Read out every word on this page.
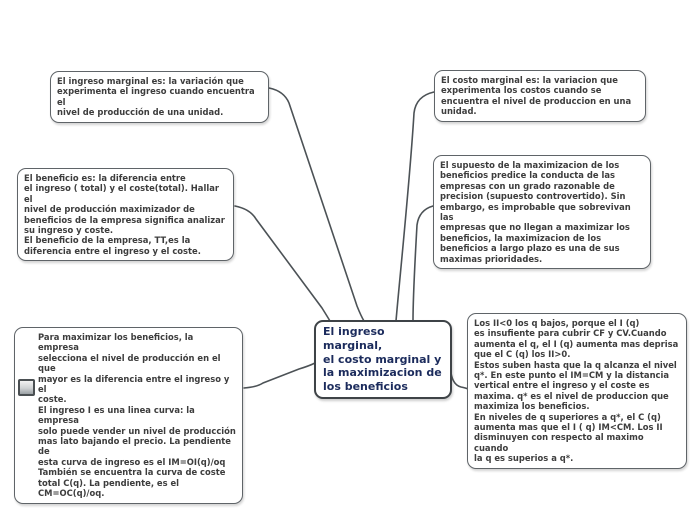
El ingreso marginal es: la variación que
experimenta el ingreso cuando encuentra el
nivel de producción de una unidad.
El costo marginal es: la variacion que
experimenta los costos cuando se
encuentra el nivel de produccion en una
unidad.
El beneficio es: la diferencia entre
el ingreso ( total) y el coste(total). Hallar el
nivel de producción maximizador de
beneficios de la empresa significa analizar
su ingreso y coste.
El beneficio de la empresa, TT,es la
diferencia entre el ingreso y el coste.
El supuesto de la maximizacion de los
beneficios predice la conducta de las
empresas con un grado razonable de
precision (supuesto controvertido). Sin
embargo, es improbable que sobrevivan las
empresas que no llegan a maximizar los
beneficios, la maximizacion de los
beneficios a largo plazo es una de sus
maximas prioridades.
Para maximizar los beneficios, la empresa
selecciona el nivel de producción en el que
mayor es la diferencia entre el ingreso y el
coste.
El ingreso I es una linea curva: la empresa
solo puede vender un nivel de producción
mas lato bajando el precio. La pendiente de
esta curva de ingreso es el IM=OI(q)/oq
También se encuentra la curva de coste
total C(q). La pendiente, es el
CM=OC(q)/oq.
El ingreso marginal,
el costo marginal y
la maximizacion de
los beneficios
Los II<0 los q bajos, porque el I (q)
es insufiente para cubrir CF y CV.Cuando
aumenta el q, el I (q) aumenta mas deprisa
que el C (q) los II>0.
Estos suben hasta que la q alcanza el nivel
q*. En este punto el IM=CM y la distancia
vertical entre el ingreso y el coste es
maxima. q* es el nivel de produccion que
maximiza los beneficios.
En niveles de q superiores a q*, el C (q)
aumenta mas que el I ( q) IM<CM. Los II
disminuyen con respecto al maximo cuando
la q es superios a q*.
